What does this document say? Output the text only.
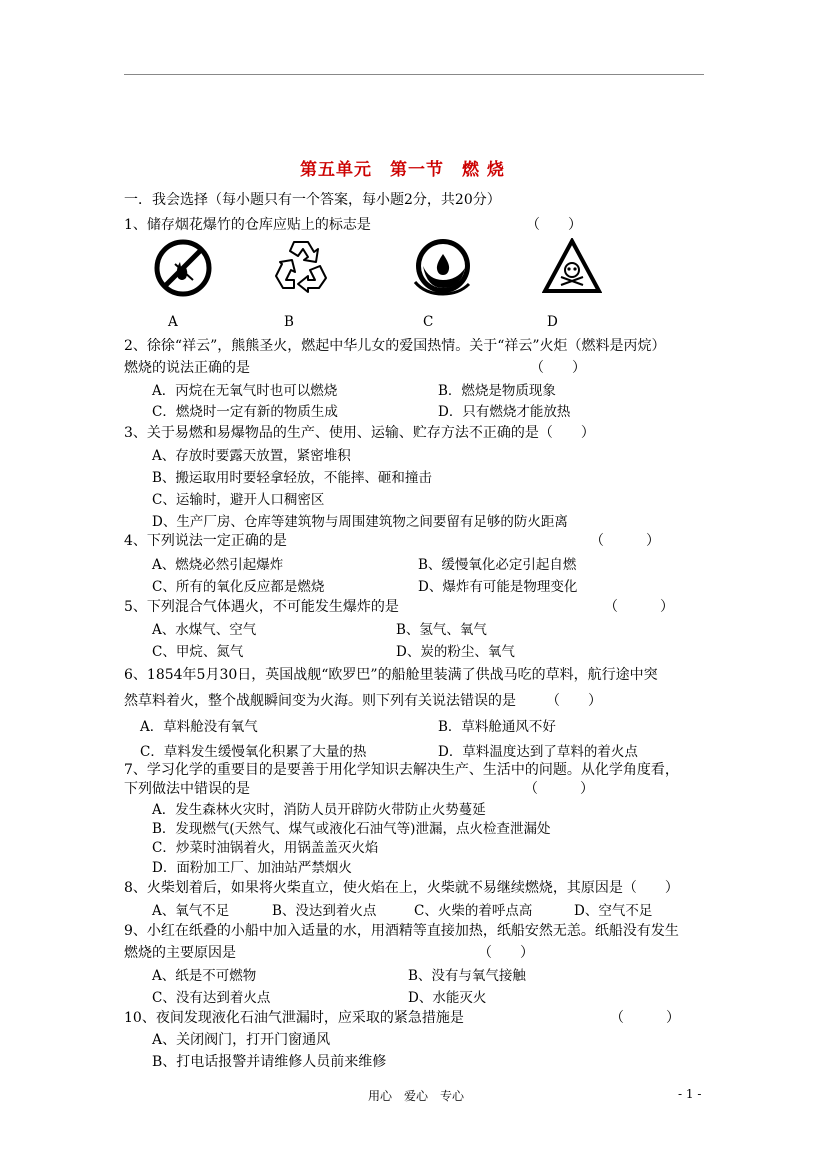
第五单元　第一节　燃 烧
一．我会选择（每小题只有一个答案，每小题2分，共20分）
1、储存烟花爆竹的仓库应贴上的标志是	（　　）
A	B	C	D
2、徐徐“祥云”，熊熊圣火，燃起中华儿女的爱国热情。关于“祥云”火炬（燃料是丙烷）
燃烧的说法正确的是	（　　）
A．丙烷在无氧气时也可以燃烧	B．燃烧是物质现象
C．燃烧时一定有新的物质生成	D．只有燃烧才能放热
3、关于易燃和易爆物品的生产、使用、运输、贮存方法不正确的是（　　）
A、存放时要露天放置，紧密堆积
B、搬运取用时要轻拿轻放，不能摔、砸和撞击
C、运输时，避开人口稠密区
D、生产厂房、仓库等建筑物与周围建筑物之间要留有足够的防火距离
4、下列说法一定正确的是	（　　　）
A、燃烧必然引起爆炸	B、缓慢氧化必定引起自燃
C、所有的氧化反应都是燃烧	D、爆炸有可能是物理变化
5、下列混合气体遇火，不可能发生爆炸的是	（　　　）
A、水煤气、空气	B、氢气、氧气
C、甲烷、氮气	D、炭的粉尘、氧气
6、1854年5月30日，英国战舰“欧罗巴”的船舱里装满了供战马吃的草料，航行途中突
然草料着火，整个战舰瞬间变为火海。则下列有关说法错误的是 （　　）
A．草料舱没有氧气	B．草料舱通风不好
C．草料发生缓慢氧化积累了大量的热	D．草料温度达到了草料的着火点
7、学习化学的重要目的是要善于用化学知识去解决生产、生活中的问题。从化学角度看，
下列做法中错误的是	（　　　）
A．发生森林火灾时，消防人员开辟防火带防止火势蔓延
B．发现燃气(天然气、煤气或液化石油气等)泄漏，点火检查泄漏处
C．炒菜时油锅着火，用锅盖盖灭火焰
D．面粉加工厂、加油站严禁烟火
8、火柴划着后，如果将火柴直立，使火焰在上，火柴就不易继续燃烧，其原因是（　　）
A、氧气不足	B、没达到着火点	C、火柴的着呼点高	D、空气不足
9、小红在纸叠的小船中加入适量的水，用酒精等直接加热，纸船安然无恙。纸船没有发生
燃烧的主要原因是	（　　）
A、纸是不可燃物	B、没有与氧气接触
C、没有达到着火点	D、水能灭火
10、夜间发现液化石油气泄漏时，应采取的紧急措施是	（　　　）
A、关闭阀门，打开门窗通风
B、打电话报警并请维修人员前来维修
用心　爱心　专心	- 1 -
